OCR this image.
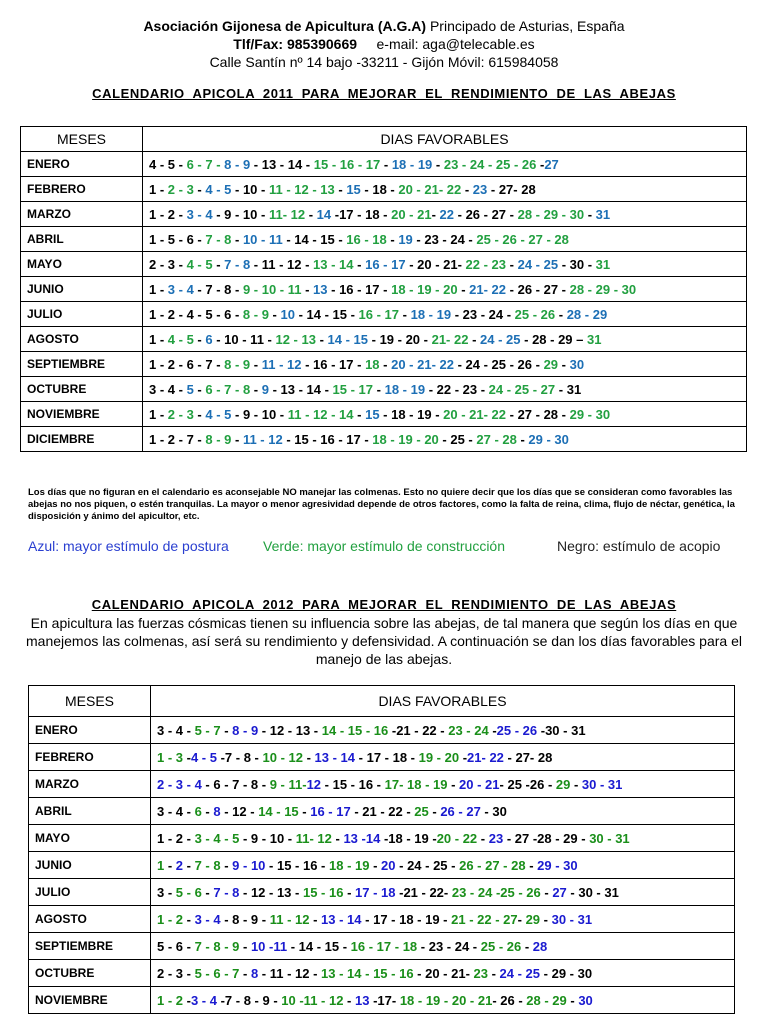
Asociación Gijonesa de Apicultura (A.G.A) Principado de Asturias, España
Tlf/Fax: 985390669 e-mail: aga@telecable.es
Calle Santín nº 14 bajo -33211 - Gijón Móvil: 615984058
CALENDARIO APICOLA 2011 PARA MEJORAR EL RENDIMIENTO DE LAS ABEJAS
MESES	DIAS FAVORABLES
ENERO	4 - 5 - 6 - 7 - 8 - 9 - 13 - 14 - 15 - 16 - 17 - 18 - 19 - 23 - 24 - 25 - 26 -27
FEBRERO	1 - 2 - 3 - 4 - 5 - 10 - 11 - 12 - 13 - 15 - 18 - 20 - 21- 22 - 23 - 27- 28
MARZO	1 - 2 - 3 - 4 - 9 - 10 - 11- 12 - 14 -17 - 18 - 20 - 21- 22 - 26 - 27 - 28 - 29 - 30 - 31
ABRIL	1 - 5 - 6 - 7 - 8 - 10 - 11 - 14 - 15 - 16 - 18 - 19 - 23 - 24 - 25 - 26 - 27 - 28
MAYO	2 - 3 - 4 - 5 - 7 - 8 - 11 - 12 - 13 - 14 - 16 - 17 - 20 - 21- 22 - 23 - 24 - 25 - 30 - 31
JUNIO	1 - 3 - 4 - 7 - 8 - 9 - 10 - 11 - 13 - 16 - 17 - 18 - 19 - 20 - 21- 22 - 26 - 27 - 28 - 29 - 30
JULIO	1 - 2 - 4 - 5 - 6 - 8 - 9 - 10 - 14 - 15 - 16 - 17 - 18 - 19 - 23 - 24 - 25 - 26 - 28 - 29
AGOSTO	1 - 4 - 5 - 6 - 10 - 11 - 12 - 13 - 14 - 15 - 19 - 20 - 21- 22 - 24 - 25 - 28 - 29 – 31
SEPTIEMBRE	1 - 2 - 6 - 7 - 8 - 9 - 11 - 12 - 16 - 17 - 18 - 20 - 21- 22 - 24 - 25 - 26 - 29 - 30
OCTUBRE	3 - 4 - 5 - 6 - 7 - 8 - 9 - 13 - 14 - 15 - 17 - 18 - 19 - 22 - 23 - 24 - 25 - 27 - 31
NOVIEMBRE	1 - 2 - 3 - 4 - 5 - 9 - 10 - 11 - 12 - 14 - 15 - 18 - 19 - 20 - 21- 22 - 27 - 28 - 29 - 30
DICIEMBRE	1 - 2 - 7 - 8 - 9 - 11 - 12 - 15 - 16 - 17 - 18 - 19 - 20 - 25 - 27 - 28 - 29 - 30
Los días que no figuran en el calendario es aconsejable NO manejar las colmenas. Esto no quiere decir que los días que se consideran como favorables las abejas no nos piquen, o estén tranquilas. La mayor o menor agresividad depende de otros factores, como la falta de reina, clima, flujo de néctar, genética, la disposición y ánimo del apicultor, etc.
Azul: mayor estímulo de postura Verde: mayor estímulo de construcción	Negro: estímulo de acopio
CALENDARIO APICOLA 2012 PARA MEJORAR EL RENDIMIENTO DE LAS ABEJAS
En apicultura las fuerzas cósmicas tienen su influencia sobre las abejas, de tal manera que según los días en que manejemos las colmenas, así será su rendimiento y defensividad. A continuación se dan los días favorables para el manejo de las abejas.
MESES	DIAS FAVORABLES
ENERO	3 - 4 - 5 - 7 - 8 - 9 - 12 - 13 - 14 - 15 - 16 -21 - 22 - 23 - 24 -25 - 26 -30 - 31
FEBRERO	1 - 3 -4 - 5 -7 - 8 - 10 - 12 - 13 - 14 - 17 - 18 - 19 - 20 -21- 22 - 27- 28
MARZO	2 - 3 - 4 - 6 - 7 - 8 - 9 - 11-12 - 15 - 16 - 17- 18 - 19 - 20 - 21- 25 -26 - 29 - 30 - 31
ABRIL	3 - 4 - 6 - 8 - 12 - 14 - 15 - 16 - 17 - 21 - 22 - 25 - 26 - 27 - 30
MAYO	1 - 2 - 3 - 4 - 5 - 9 - 10 - 11- 12 - 13 -14 -18 - 19 -20 - 22 - 23 - 27 -28 - 29 - 30 - 31
JUNIO	1 - 2 - 7 - 8 - 9 - 10 - 15 - 16 - 18 - 19 - 20 - 24 - 25 - 26 - 27 - 28 - 29 - 30
JULIO	3 - 5 - 6 - 7 - 8 - 12 - 13 - 15 - 16 - 17 - 18 -21 - 22- 23 - 24 -25 - 26 - 27 - 30 - 31
AGOSTO	1 - 2 - 3 - 4 - 8 - 9 - 11 - 12 - 13 - 14 - 17 - 18 - 19 - 21 - 22 - 27- 29 - 30 - 31
SEPTIEMBRE	5 - 6 - 7 - 8 - 9 - 10 -11 - 14 - 15 - 16 - 17 - 18 - 23 - 24 - 25 - 26 - 28
OCTUBRE	2 - 3 - 5 - 6 - 7 - 8 - 11 - 12 - 13 - 14 - 15 - 16 - 20 - 21- 23 - 24 - 25 - 29 - 30
NOVIEMBRE	1 - 2 -3 - 4 -7 - 8 - 9 - 10 -11 - 12 - 13 -17- 18 - 19 - 20 - 21- 26 - 28 - 29 - 30
